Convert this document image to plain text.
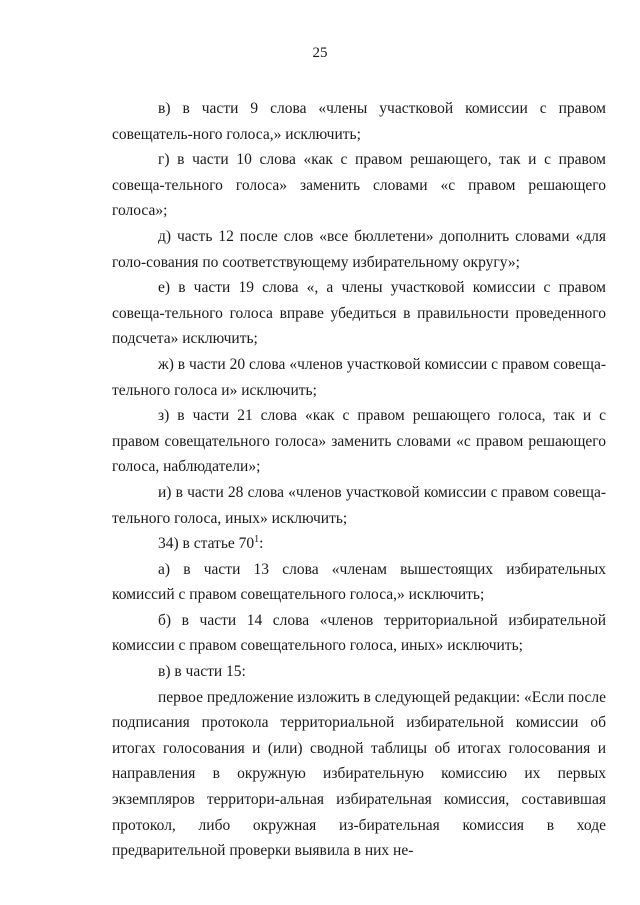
25

в) в части 9 слова «члены участковой комиссии с правом совещатель-ного голоса,» исключить;

г) в части 10 слова «как с правом решающего, так и с правом совеща-тельного голоса» заменить словами «с правом решающего голоса»;

д) часть 12 после слов «все бюллетени» дополнить словами «для голо-сования по соответствующему избирательному округу»;

е) в части 19 слова «, а члены участковой комиссии с правом совеща-тельного голоса вправе убедиться в правильности проведенного подсчета» исключить;

ж) в части 20 слова «членов участковой комиссии с правом совеща-тельного голоса и» исключить;

з) в части 21 слова «как с правом решающего голоса, так и с правом совещательного голоса» заменить словами «с правом решающего голоса, наблюдатели»;

и) в части 28 слова «членов участковой комиссии с правом совеща-тельного голоса, иных» исключить;

34) в статье $70^1$:

а) в части 13 слова «членам вышестоящих избирательных комиссий с правом совещательного голоса,» исключить;

б) в части 14 слова «членов территориальной избирательной комиссии с правом совещательного голоса, иных» исключить;

в) в части 15:

первое предложение изложить в следующей редакции: «Если после подписания протокола территориальной избирательной комиссии об итогах голосования и (или) сводной таблицы об итогах голосования и направления в окружную избирательную комиссию их первых экземпляров территори-альная избирательная комиссия, составившая протокол, либо окружная из-бирательная комиссия в ходе предварительной проверки выявила в них не-
